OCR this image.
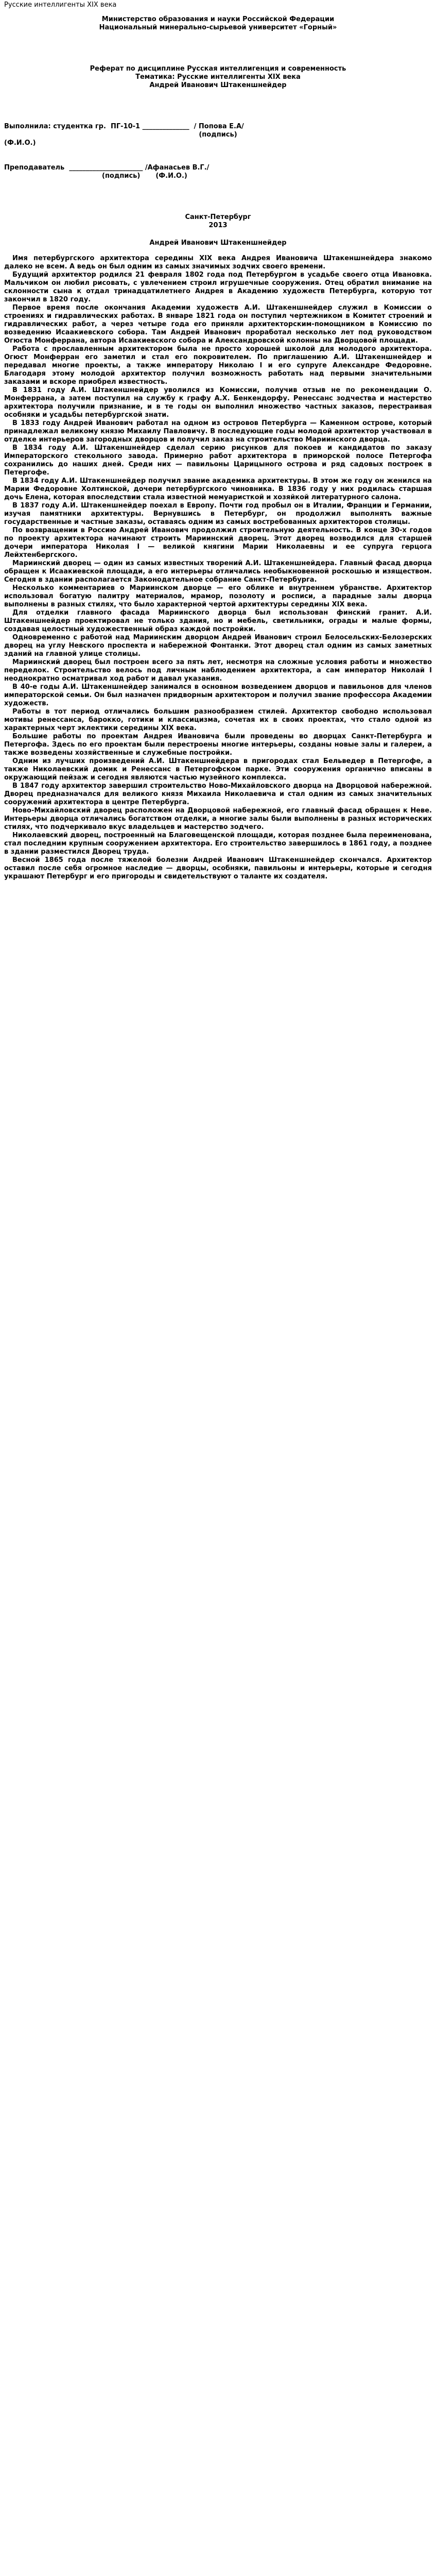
Русские интеллигенты XIX века

Министерство образования и науки Российской Федерации

Национальный минерально-сырьевой университет «Горный»

Реферат по дисциплине Русская интеллигенция и современность

Тематика: Русские интеллигенты XIX века

Андрей Иванович Штакеншнейдер

Выполнила: студентка гр.  ПГ-10-1 ______________  / Попова Е.А/

(подпись)

(Ф.И.О.)

Преподаватель  ______________________ /Афанасьев В.Г./

(подпись) (Ф.И.О.)

Санкт-Петербург

2013

Андрей Иванович Штакеншнейдер

Имя петербургского архитектора середины XIX века Андрея Ивановича Штакеншнейдера знакомо далеко не всем. А ведь он был одним из самых значимых зодчих своего времени.

Будущий архитектор родился 21 февраля 1802 года под Петербургом в усадьбе своего отца Ивановка. Мальчиком он любил рисовать, с увлечением строил игрушечные сооружения. Отец обратил внимание на склонности сына к отдал тринадцатилетнего Андрея в Академию художеств Петербурга, которую тот закончил в 1820 году.

Первое время после окончания Академии художеств А.И. Штакеншнейдер служил в Комиссии о строениях и гидравлических работах. В январе 1821 года он поступил чертежником в Комитет строений и гидравлических работ, а через четыре года его приняли архитекторским-помощником в Комиссию по возведению Исаакиевского собора. Там Андрей Иванович проработал несколько лет под руководством Огюста Монферрана, автора Исаакиевского собора и Александровской колонны на Дворцовой площади.

Работа с прославленным архитектором была не просто хорошей школой для молодого архитектора. Огюст Монферран его заметил и стал его покровителем. По приглашению А.И. Штакеншнейдер и передавал многие проекты, а также императору Николаю I и его супруге Александре Федоровне. Благодаря этому молодой архитектор получил возможность работать над первыми значительными заказами и вскоре приобрел известность.

В 1831 году А.И. Штакеншнейдер уволился из Комиссии, получив отзыв не по рекомендации О. Монферрана, а затем поступил на службу к графу А.Х. Бенкендорфу. Ренессанс зодчества и мастерство архитектора получили признание, и в те годы он выполнил множество частных заказов, перестраивая особняки и усадьбы петербургской знати.

В 1833 году Андрей Иванович работал на одном из островов Петербурга — Каменном острове, который принадлежал великому князю Михаилу Павловичу. В последующие годы молодой архитектор участвовал в отделке интерьеров загородных дворцов и получил заказ на строительство Мариинского дворца.

В 1834 году А.И. Штакеншнейдер сделал серию рисунков для покоев и кандидатов по заказу Императорского стекольного завода. Примерно работ архитектора в приморской полосе Петергофа сохранились до наших дней. Среди них — павильоны Царицыного острова и ряд садовых построек в Петергофе.

В 1834 году А.И. Штакеншнейдер получил звание академика архитектуры. В этом же году он женился на Марии Федоровне Холтинской, дочери петербургского чиновника. В 1836 году у них родилась старшая дочь Елена, которая впоследствии стала известной мемуаристкой и хозяйкой литературного салона.

В 1837 году А.И. Штакеншнейдер поехал в Европу. Почти год пробыл он в Италии, Франции и Германии, изучая памятники архитектуры. Вернувшись в Петербург, он продолжил выполнять важные государственные и частные заказы, оставаясь одним из самых востребованных архитекторов столицы.

По возвращении в Россию Андрей Иванович продолжил строительную деятельность. В конце 30-х годов по проекту архитектора начинают строить Мариинский дворец. Этот дворец возводился для старшей дочери императора Николая I — великой княгини Марии Николаевны и ее супруга герцога Лейхтенбергского.

Мариинский дворец — один из самых известных творений А.И. Штакеншнейдера. Главный фасад дворца обращен к Исаакиевской площади, а его интерьеры отличались необыкновенной роскошью и изяществом. Сегодня в здании располагается Законодательное собрание Санкт-Петербурга.

Несколько комментариев о Мариинском дворце — его облике и внутреннем убранстве. Архитектор использовал богатую палитру материалов, мрамор, позолоту и росписи, а парадные залы дворца выполнены в разных стилях, что было характерной чертой архитектуры середины XIX века.

Для отделки главного фасада Мариинского дворца был использован финский гранит. А.И. Штакеншнейдер проектировал не только здания, но и мебель, светильники, ограды и малые формы, создавая целостный художественный образ каждой постройки.

Одновременно с работой над Мариинским дворцом Андрей Иванович строил Белосельских-Белозерских дворец на углу Невского проспекта и набережной Фонтанки. Этот дворец стал одним из самых заметных зданий на главной улице столицы.

Мариинский дворец был построен всего за пять лет, несмотря на сложные условия работы и множество переделок. Строительство велось под личным наблюдением архитектора, а сам император Николай I неоднократно осматривал ход работ и давал указания.

В 40-е годы А.И. Штакеншнейдер занимался в основном возведением дворцов и павильонов для членов императорской семьи. Он был назначен придворным архитектором и получил звание профессора Академии художеств.

Работы в тот период отличались большим разнообразием стилей. Архитектор свободно использовал мотивы ренессанса, барокко, готики и классицизма, сочетая их в своих проектах, что стало одной из характерных черт эклектики середины XIX века.

Большие работы по проектам Андрея Ивановича были проведены во дворцах Санкт-Петербурга и Петергофа. Здесь по его проектам были перестроены многие интерьеры, созданы новые залы и галереи, а также возведены хозяйственные и служебные постройки.

Одним из лучших произведений А.И. Штакеншнейдера в пригородах стал Бельведер в Петергофе, а также Николаевский домик и Ренессанс в Петергофском парке. Эти сооружения органично вписаны в окружающий пейзаж и сегодня являются частью музейного комплекса.

В 1847 году архитектор завершил строительство Ново-Михайловского дворца на Дворцовой набережной. Дворец предназначался для великого князя Михаила Николаевича и стал одним из самых значительных сооружений архитектора в центре Петербурга.

Ново-Михайловский дворец расположен на Дворцовой набережной, его главный фасад обращен к Неве. Интерьеры дворца отличались богатством отделки, а многие залы были выполнены в разных исторических стилях, что подчеркивало вкус владельцев и мастерство зодчего.

Николаевский дворец, построенный на Благовещенской площади, которая позднее была переименована, стал последним крупным сооружением архитектора. Его строительство завершилось в 1861 году, а позднее в здании разместился Дворец труда.

Весной 1865 года после тяжелой болезни Андрей Иванович Штакеншнейдер скончался. Архитектор оставил после себя огромное наследие — дворцы, особняки, павильоны и интерьеры, которые и сегодня украшают Петербург и его пригороды и свидетельствуют о таланте их создателя.
